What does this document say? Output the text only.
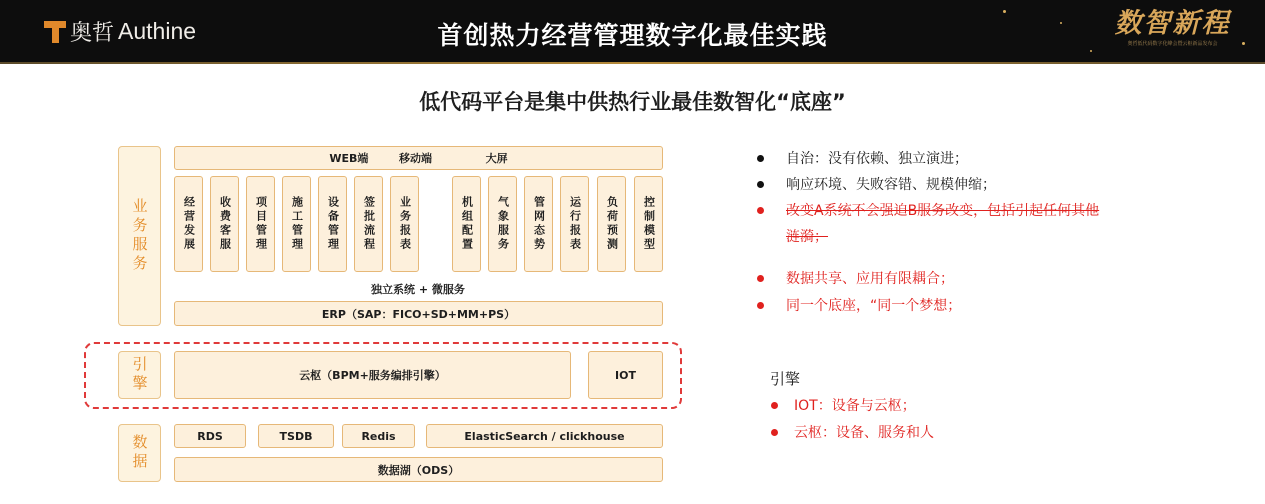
奥哲 Authine	首创热力经营管理数字化最佳实践	数智新程
奥哲低代码数字化峰会暨云枢新品发布会
低代码平台是集中供热行业最佳数智化“底座”
业务服务
WEB端        移动端              大屏
经营发展 收费客服 项目管理 施工管理 设备管理 签批流程 业务报表	机组配置 气象服务 管网态势 运行报表 负荷预测 控制模型
独立系统 + 微服务
ERP（SAP：FICO+SD+MM+PS）
引擎	云枢（BPM+服务编排引擎）	IOT
数据	RDS	TSDB	Redis	ElasticSearch / clickhouse
数据湖（ODS）
自治：没有依赖、独立演进；
响应环境、失败容错、规模伸缩；
改变A系统不会强迫B服务改变，包括引起任何其他
涟漪；
数据共享、应用有限耦合；
同一个底座，“同一个梦想；
引擎
IOT：设备与云枢；
云枢：设备、服务和人
